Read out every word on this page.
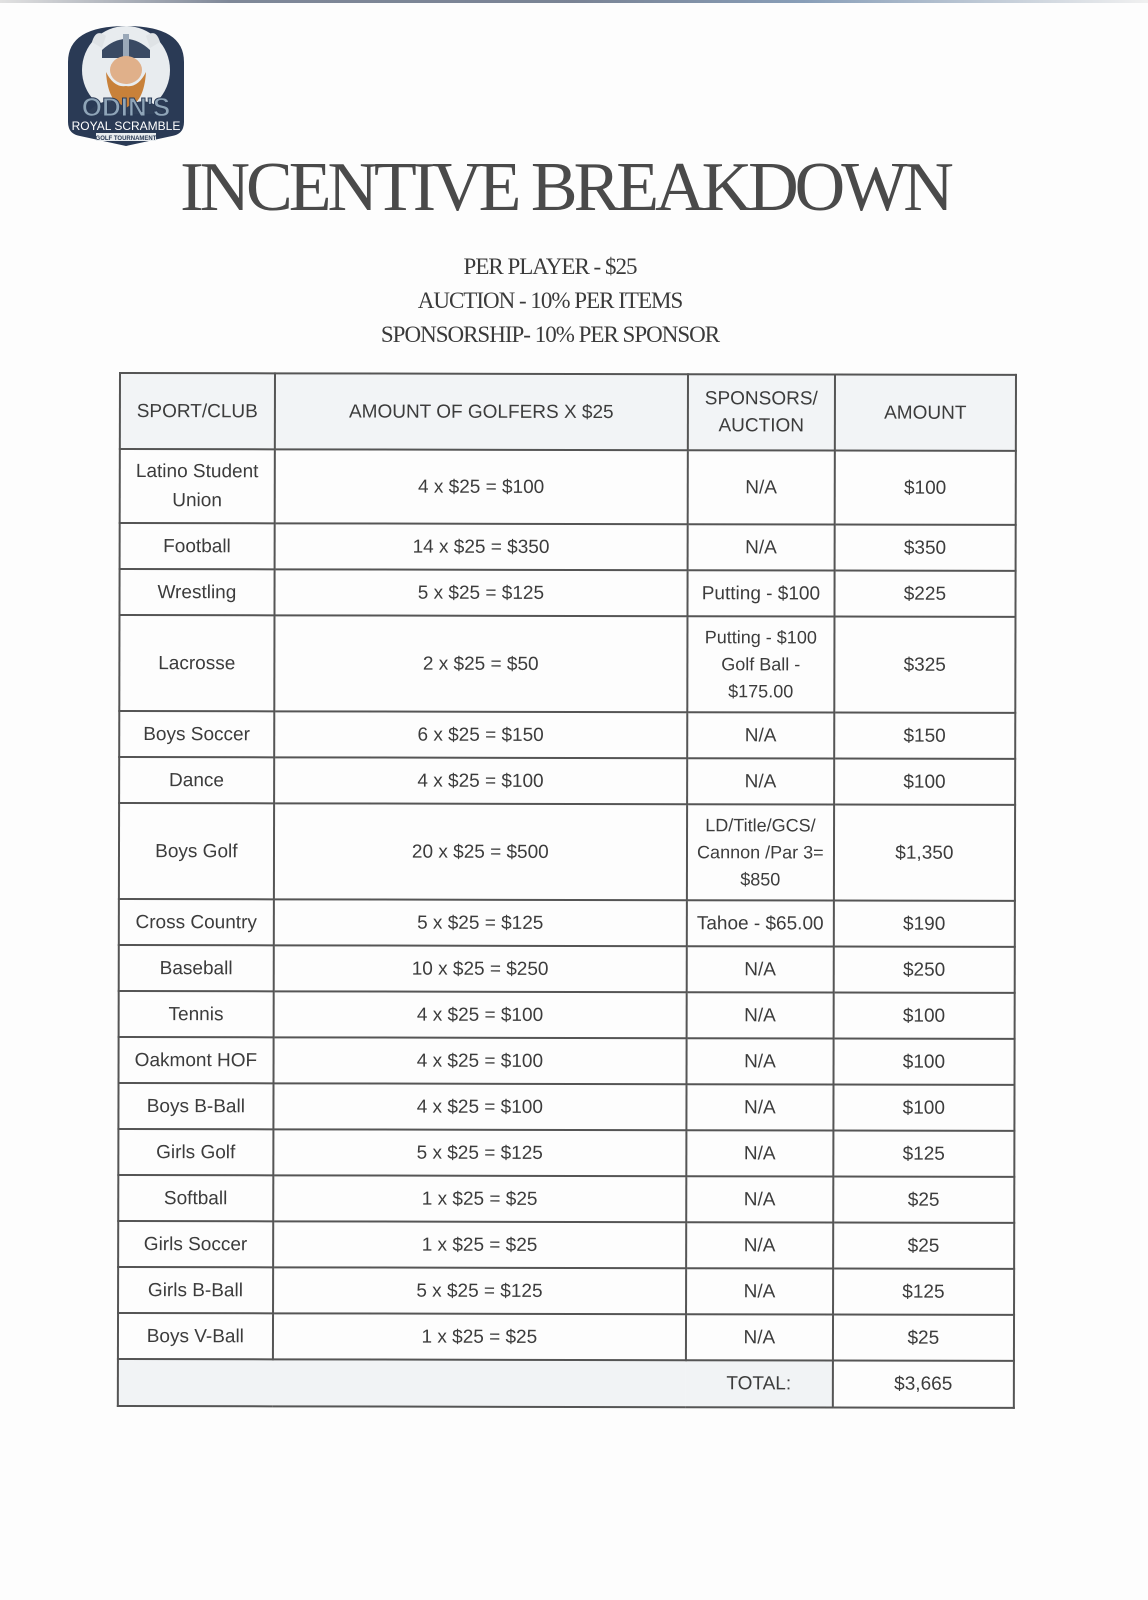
ODIN'S
ROYAL SCRAMBLE
GOLF TOURNAMENT
INCENTIVE BREAKDOWN
PER PLAYER - $25
AUCTION - 10% PER ITEMS
SPONSORSHIP- 10% PER SPONSOR
SPORT/CLUB	AMOUNT OF GOLFERS X $25	SPONSORS/ AUCTION	AMOUNT
Latino Student Union	4 x $25 = $100	N/A	$100
Football	14 x $25 = $350	N/A	$350
Wrestling	5 x $25 = $125	Putting - $100	$225
Lacrosse	2 x $25 = $50	Putting - $100 Golf Ball - $175.00	$325
Boys Soccer	6 x $25 = $150	N/A	$150
Dance	4 x $25 = $100	N/A	$100
Boys Golf	20 x $25 = $500	LD/Title/GCS/ Cannon /Par 3= $850	$1,350
Cross Country	5 x $25 = $125	Tahoe - $65.00	$190
Baseball	10 x $25 = $250	N/A	$250
Tennis	4 x $25 = $100	N/A	$100
Oakmont HOF	4 x $25 = $100	N/A	$100
Boys B-Ball	4 x $25 = $100	N/A	$100
Girls Golf	5 x $25 = $125	N/A	$125
Softball	1 x $25 = $25	N/A	$25
Girls Soccer	1 x $25 = $25	N/A	$25
Girls B-Ball	5 x $25 = $125	N/A	$125
Boys V-Ball	1 x $25 = $25	N/A	$25
		TOTAL:	$3,665
